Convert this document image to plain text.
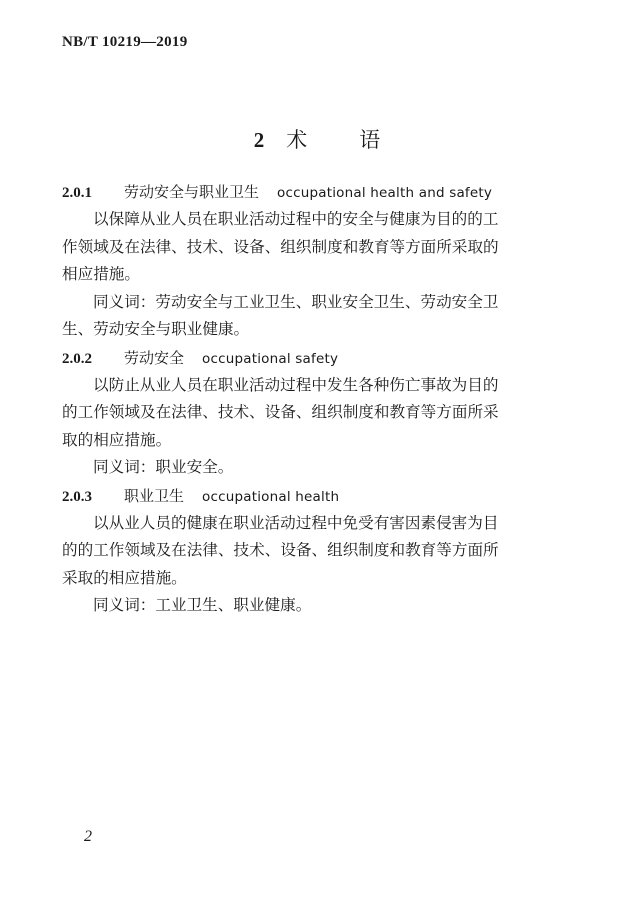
NB/T 10219—2019
2 术 语
2.0.1 劳动安全与职业卫生 occupational health and safety
以保障从业人员在职业活动过程中的安全与健康为目的的工
作领域及在法律、技术、设备、组织制度和教育等方面所采取的
相应措施。
同义词：劳动安全与工业卫生、职业安全卫生、劳动安全卫
生、劳动安全与职业健康。
2.0.2 劳动安全 occupational safety
以防止从业人员在职业活动过程中发生各种伤亡事故为目的
的工作领域及在法律、技术、设备、组织制度和教育等方面所采
取的相应措施。
同义词：职业安全。
2.0.3 职业卫生 occupational health
以从业人员的健康在职业活动过程中免受有害因素侵害为目
的的工作领域及在法律、技术、设备、组织制度和教育等方面所
采取的相应措施。
同义词：工业卫生、职业健康。
2
